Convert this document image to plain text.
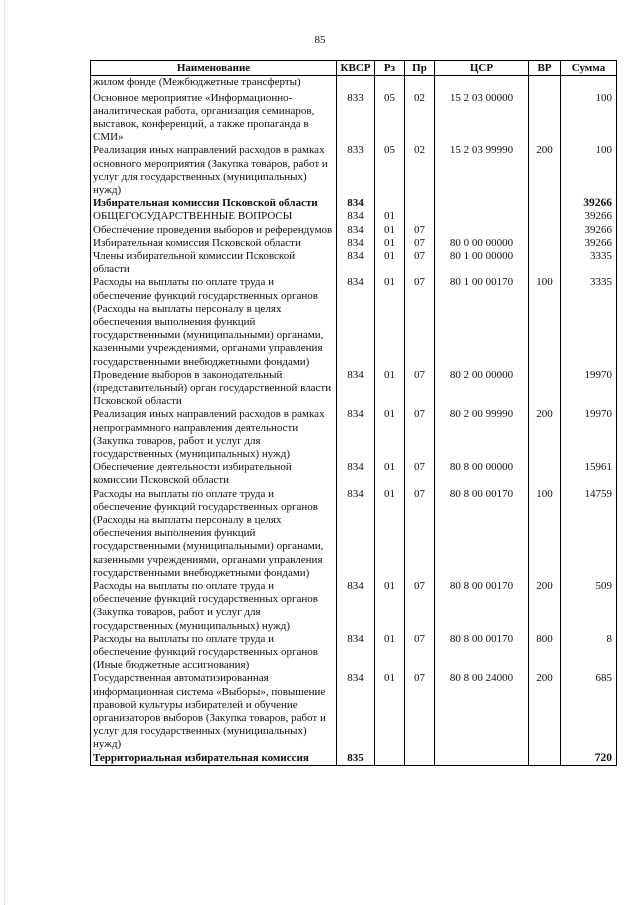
85
Наименование	КВСР	Рз	Пр	ЦСР	ВР	Сумма
жилом фонде (Межбюджетные трансферты)						
Основное мероприятие «Информационно-аналитическая работа, организация семинаров, выставок, конференций, а также пропаганда в СМИ»	833	05	02	15 2 03 00000		100
Реализация иных направлений расходов в рамках основного мероприятия (Закупка товаров, работ и услуг для государственных (муниципальных) нужд)	833	05	02	15 2 03 99990	200	100
Избирательная комиссия Псковской области	834					39266
ОБЩЕГОСУДАРСТВЕННЫЕ ВОПРОСЫ	834	01				39266
Обеспечение проведения выборов и референдумов	834	01	07			39266
Избирательная комиссия Псковской области	834	01	07	80 0 00 00000		39266
Члены избирательной комиссии Псковской области	834	01	07	80 1 00 00000		3335
Расходы на выплаты по оплате труда и обеспечение функций государственных органов (Расходы на выплаты персоналу в целях обеспечения выполнения функций государственными (муниципальными) органами, казенными учреждениями, органами управления государственными внебюджетными фондами)	834	01	07	80 1 00 00170	100	3335
Проведение выборов в законодательный (представительный) орган государственной власти Псковской области	834	01	07	80 2 00 00000		19970
Реализация иных направлений расходов в рамках непрограммного направления деятельности (Закупка товаров, работ и услуг для государственных (муниципальных) нужд)	834	01	07	80 2 00 99990	200	19970
Обеспечение деятельности избирательной комиссии Псковской области	834	01	07	80 8 00 00000		15961
Расходы на выплаты по оплате труда и обеспечение функций государственных органов (Расходы на выплаты персоналу в целях обеспечения выполнения функций государственными (муниципальными) органами, казенными учреждениями, органами управления государственными внебюджетными фондами)	834	01	07	80 8 00 00170	100	14759
Расходы на выплаты по оплате труда и обеспечение функций государственных органов (Закупка товаров, работ и услуг для государственных (муниципальных) нужд)	834	01	07	80 8 00 00170	200	509
Расходы на выплаты по оплате труда и обеспечение функций государственных органов (Иные бюджетные ассигнования)	834	01	07	80 8 00 00170	800	8
Государственная автоматизированная информационная система «Выборы», повышение правовой культуры избирателей и обучение организаторов выборов (Закупка товаров, работ и услуг для государственных (муниципальных) нужд)	834	01	07	80 8 00 24000	200	685
Территориальная избирательная комиссия	835					720
